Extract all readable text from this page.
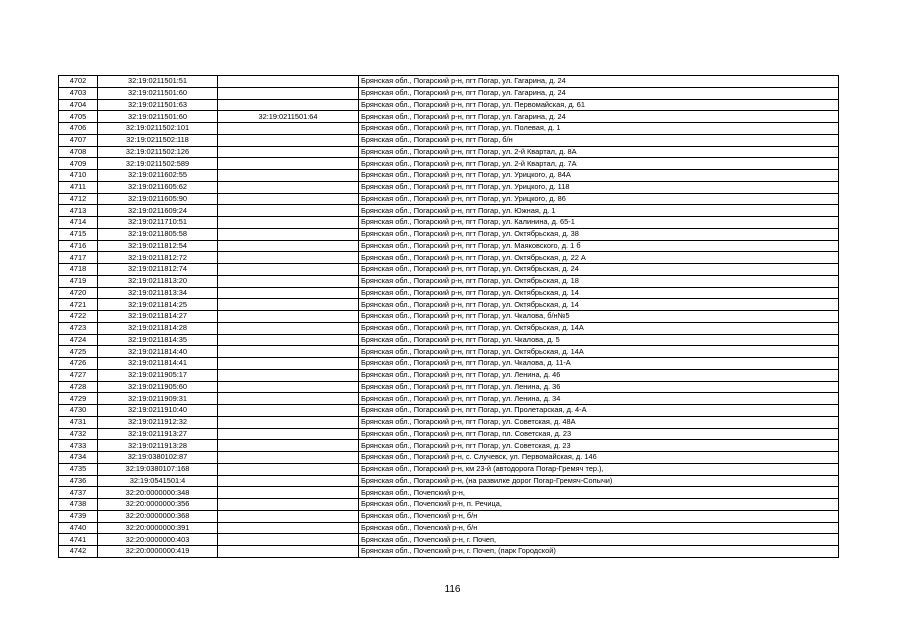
4702	32:19:0211501:51		Брянская обл., Погарский р-н, пгт Погар, ул. Гагарина, д. 24
4703	32:19:0211501:60		Брянская обл., Погарский р-н, пгт Погар, ул. Гагарина, д. 24
4704	32:19:0211501:63		Брянская обл., Погарский р-н, пгт Погар, ул. Первомайская, д. 61
4705	32:19:0211501:60	32:19:0211501:64	Брянская обл., Погарский р-н, пгт Погар, ул. Гагарина, д. 24
4706	32:19:0211502:101		Брянская обл., Погарский р-н, пгт Погар, ул. Полевая, д. 1
4707	32:19:0211502:118		Брянская обл., Погарский р-н, пгт Погар, б/н
4708	32:19:0211502:126		Брянская обл., Погарский р-н, пгт Погар, ул. 2-й Квартал, д. 8А
4709	32:19:0211502:589		Брянская обл., Погарский р-н, пгт Погар, ул. 2-й Квартал, д. 7А
4710	32:19:0211602:55		Брянская обл., Погарский р-н, пгт Погар, ул. Урицкого, д. 84А
4711	32:19:0211605:62		Брянская обл., Погарский р-н, пгт Погар, ул. Урицкого, д. 118
4712	32:19:0211605:90		Брянская обл., Погарский р-н, пгт Погар, ул. Урицкого, д. 86
4713	32:19:0211609:24		Брянская обл., Погарский р-н, пгт Погар, ул. Южная, д. 1
4714	32:19:0211710:51		Брянская обл., Погарский р-н, пгт Погар, ул. Калинина, д. 65-1
4715	32:19:0211805:58		Брянская обл., Погарский р-н, пгт Погар, ул. Октябрьская, д. 38
4716	32:19:0211812:54		Брянская обл., Погарский р-н, пгт Погар, ул. Маяковского, д. 1 б
4717	32:19:0211812:72		Брянская обл., Погарский р-н, пгт Погар, ул. Октябрьская, д. 22 А
4718	32:19:0211812:74		Брянская обл., Погарский р-н, пгт Погар, ул. Октябрьская, д. 24
4719	32:19:0211813:20		Брянская обл., Погарский р-н, пгт Погар, ул. Октябрьская, д. 18
4720	32:19:0211813:34		Брянская обл., Погарский р-н, пгт Погар, ул. Октябрьская, д. 14
4721	32:19:0211814:25		Брянская обл., Погарский р-н, пгт Погар, ул. Октябрьская, д. 14
4722	32:19:0211814:27		Брянская обл., Погарский р-н, пгт Погар, ул. Чкалова, б/н№5
4723	32:19:0211814:28		Брянская обл., Погарский р-н, пгт Погар, ул. Октябрьская, д. 14А
4724	32:19:0211814:35		Брянская обл., Погарский р-н, пгт Погар, ул. Чкалова, д. 5
4725	32:19:0211814:40		Брянская обл., Погарский р-н, пгт Погар, ул. Октябрьская, д. 14А
4726	32:19:0211814:41		Брянская обл., Погарский р-н, пгт Погар, ул. Чкалова, д. 11-А
4727	32:19:0211905:17		Брянская обл., Погарский р-н, пгт Погар, ул. Ленина, д. 46
4728	32:19:0211905:60		Брянская обл., Погарский р-н, пгт Погар, ул. Ленина, д. 36
4729	32:19:0211909:31		Брянская обл., Погарский р-н, пгт Погар, ул. Ленина, д. 34
4730	32:19:0211910:40		Брянская обл., Погарский р-н, пгт Погар, ул. Пролетарская, д. 4-А
4731	32:19:0211912:32		Брянская обл., Погарский р-н, пгт Погар, ул. Советская, д. 48А
4732	32:19:0211913:27		Брянская обл., Погарский р-н, пгт Погар, пл. Советская, д. 23
4733	32:19:0211913:28		Брянская обл., Погарский р-н, пгт Погар, ул. Советская, д. 23
4734	32:19:0380102:87		Брянская обл., Погарский р-н, с. Случевск, ул. Первомайская, д. 146
4735	32:19:0380107:168		Брянская обл., Погарский р-н, км 23-й (автодорога Погар-Гремяч тер.),
4736	32:19:0541501:4		Брянская обл., Погарский р-н, (на развилке дорог Погар-Гремяч-Сопычи)
4737	32:20:0000000:348		Брянская обл., Почепский р-н,
4738	32:20:0000000:356		Брянская обл., Почепский р-н, п. Речица,
4739	32:20:0000000:368		Брянская обл., Почепский р-н, б/н
4740	32:20:0000000:391		Брянская обл., Почепский р-н, б/н
4741	32:20:0000000:403		Брянская обл., Почепский р-н, г. Почеп,
4742	32:20:0000000:419		Брянская обл., Почепский р-н, г. Почеп, (парк Городской)
116
